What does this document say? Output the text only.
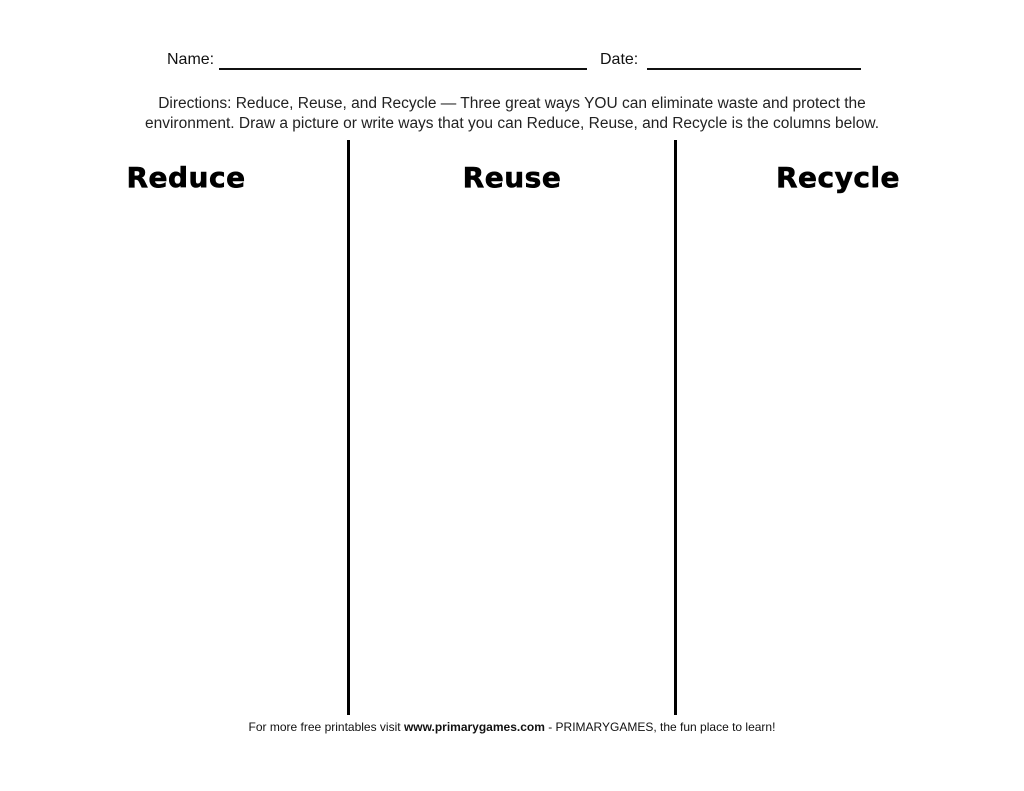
Name:	Date:
Directions: Reduce, Reuse, and Recycle — Three great ways YOU can eliminate waste and protect the
environment. Draw a picture or write ways that you can Reduce, Reuse, and Recycle is the columns below.
Reduce	Reuse	Recycle
For more free printables visit www.primarygames.com - PRIMARYGAMES, the fun place to learn!
